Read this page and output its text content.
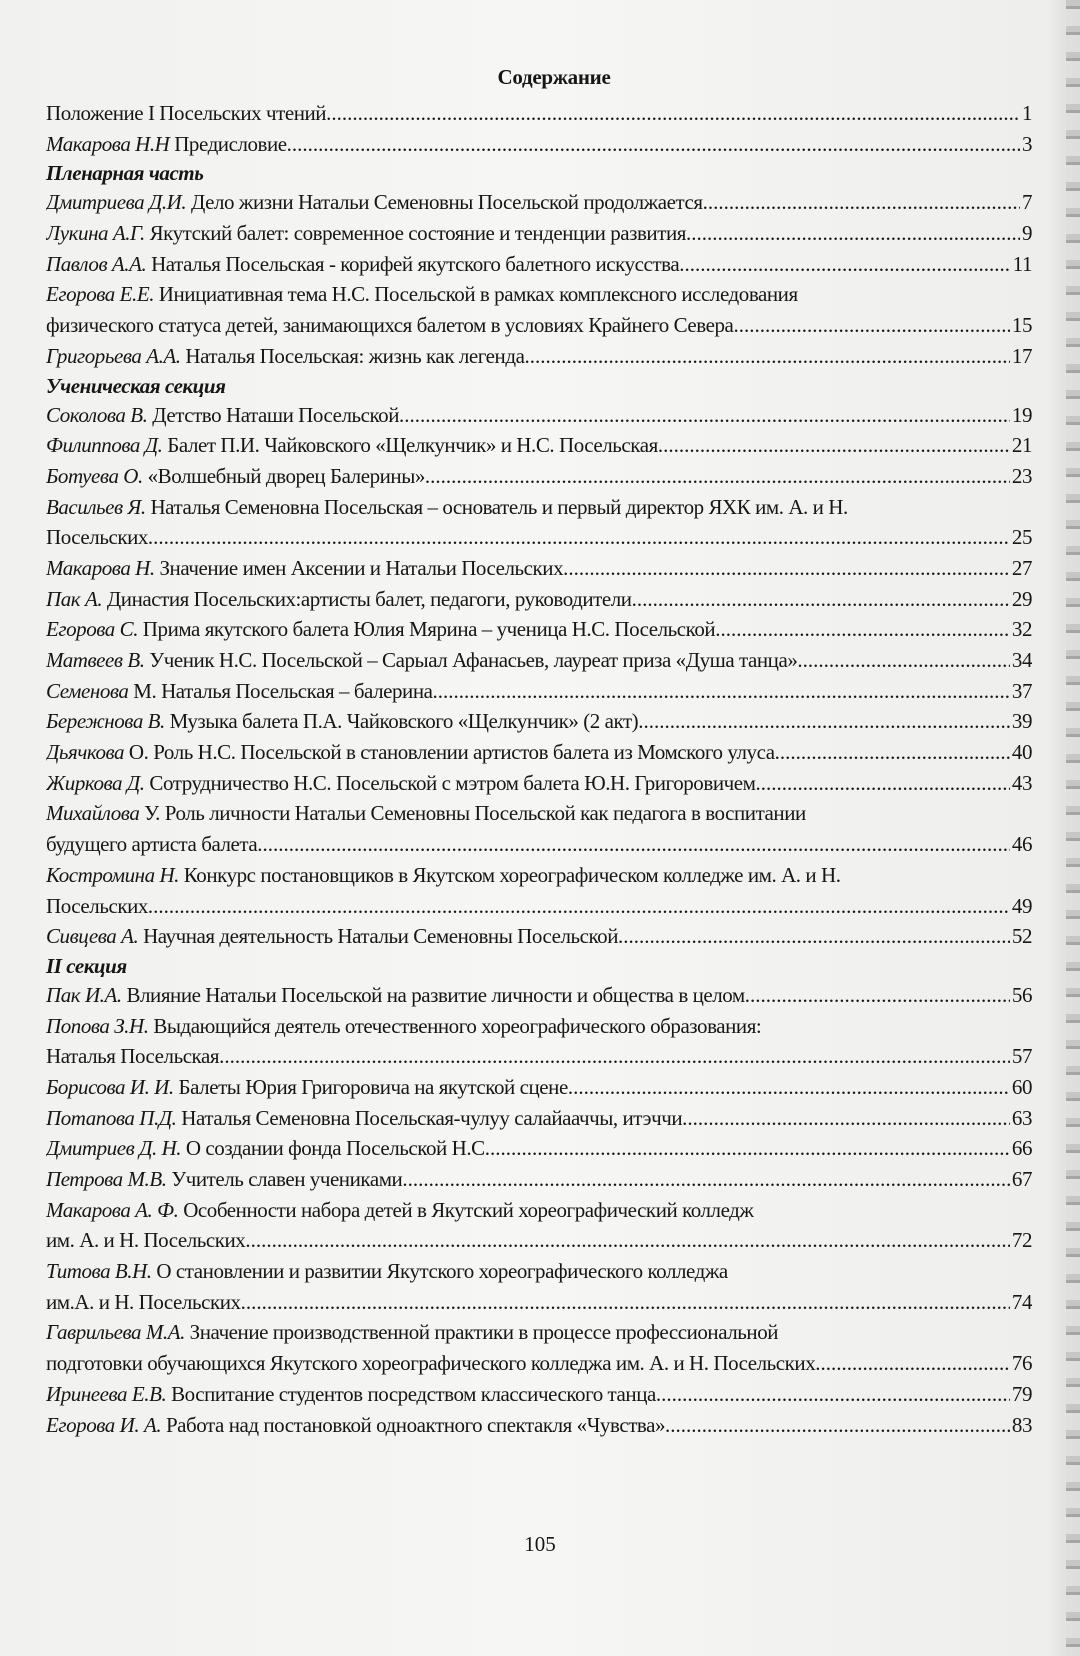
Содержание
Положение I Посельских чтений .....	1
Макарова Н.Н Предисловие .....	3
Пленарная часть
Дмитриева Д.И. Дело жизни Натальи Семеновны Посельской продолжается .....	7
Лукина А.Г. Якутский балет: современное состояние и тенденции развития .....	9
Павлов А.А. Наталья Посельская - корифей якутского балетного искусства .....	11
Егорова Е.Е. Инициативная тема Н.С. Посельской в рамках комплексного исследования
физического статуса детей, занимающихся балетом в условиях Крайнего Севера .....	15
Григорьева А.А. Наталья Посельская: жизнь как легенда .....	17
Ученическая секция
Соколова В. Детство Наташи Посельской .....	19
Филиппова Д. Балет П.И. Чайковского «Щелкунчик» и Н.С. Посельская .....	21
Ботуева О. «Волшебный дворец Балерины» .....	23
Васильев Я. Наталья Семеновна Посельская – основатель и первый директор ЯХК им. А. и Н.
Посельских .....	25
Макарова Н. Значение имен Аксении и Натальи Посельских .....	27
Пак А. Династия Посельских:артисты балет, педагоги, руководители .....	29
Егорова С. Прима якутского балета Юлия Мярина – ученица Н.С. Посельской .....	32
Матвеев В. Ученик Н.С. Посельской – Сарыал Афанасьев, лауреат приза «Душа танца» .....	34
Семенова М. Наталья Посельская – балерина .....	37
Бережнова В. Музыка балета П.А. Чайковского «Щелкунчик» (2 акт) .....	39
Дьячкова О. Роль Н.С. Посельской в становлении артистов балета из Момского улуса .....	40
Жиркова Д. Сотрудничество Н.С. Посельской с мэтром балета Ю.Н. Григоровичем .....	43
Михайлова У. Роль личности Натальи Семеновны Посельской как педагога в воспитании
будущего артиста балета .....	46
Костромина Н. Конкурс постановщиков в Якутском хореографическом колледже им. А. и Н.
Посельских .....	49
Сивцева А. Научная деятельность Натальи Семеновны Посельской .....	52
II секция
Пак И.А. Влияние Натальи Посельской на развитие личности и общества в целом .....	56
Попова З.Н. Выдающийся деятель отечественного хореографического образования:
Наталья Посельская .....	57
Борисова И. И. Балеты Юрия Григоровича на якутской сцене .....	60
Потапова П.Д. Наталья Семеновна Посельская-чулуу салайааччы, итэччи .....	63
Дмитриев Д. Н. О создании фонда Посельской Н.С .....	66
Петрова М.В. Учитель славен учениками .....	67
Макарова А. Ф. Особенности набора детей в Якутский хореографический колледж
им. А. и Н. Посельских .....	72
Титова В.Н. О становлении и развитии Якутского хореографического колледжа
им.А. и Н. Посельских .....	74
Гаврильева М.А. Значение производственной практики в процессе профессиональной
подготовки обучающихся Якутского хореографического колледжа им. А. и Н. Посельских .....	76
Иринеева Е.В. Воспитание студентов посредством классического танца .....	79
Егорова И. А. Работа над постановкой одноактного спектакля «Чувства» .....	83
105
